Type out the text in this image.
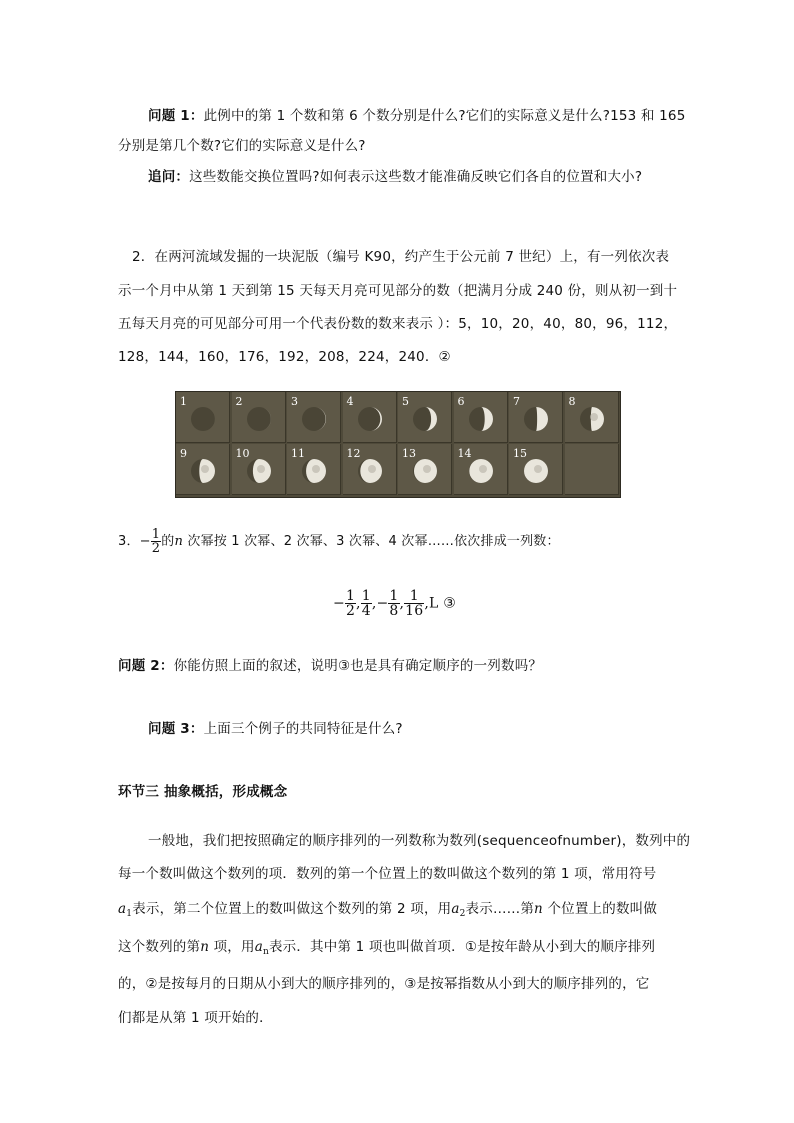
问题 1：此例中的第 1 个数和第 6 个数分别是什么?它们的实际意义是什么?153 和 165
分别是第几个数?它们的实际意义是什么?
追问：这些数能交换位置吗?如何表示这些数才能准确反映它们各自的位置和大小?
2．在两河流域发掘的一块泥版（编号 K90，约产生于公元前 7 世纪）上，有一列依次表
示一个月中从第 1 天到第 15 天每天月亮可见部分的数（把满月分成 240 份，则从初一到十
五每天月亮的可见部分可用一个代表份数的数来表示 ）：5，10，20，40，80，96，112，
128，144，160，176，192，208，224，240．②
1	2	3	4	5	6	7	8
9	10	11	12	13	14	15
3．− $\frac{1}{2}$ 的n 次幂按 1 次幂、2 次幂、3 次幂、4 次幂……依次排成一列数：
− $\frac{1}{2}$ , $\frac{1}{4}$ ,− $\frac{1}{8}$ , $\frac{1}{16} ,L$ ③
问题 2：你能仿照上面的叙述，说明③也是具有确定顺序的一列数吗？
问题 3：上面三个例子的共同特征是什么?
环节三 抽象概括，形成概念
一般地，我们把按照确定的顺序排列的一列数称为数列(sequenceofnumber)，数列中的
每一个数叫做这个数列的项．数列的第一个位置上的数叫做这个数列的第 1 项，常用符号
$a_1$表示，第二个位置上的数叫做这个数列的第 2 项，用$a_2$表示……第n 个位置上的数叫做
这个数列的第n 项，用$a_n$表示．其中第 1 项也叫做首项．①是按年龄从小到大的顺序排列
的，②是按每月的日期从小到大的顺序排列的，③是按幂指数从小到大的顺序排列的，它
们都是从第 1 项开始的．
